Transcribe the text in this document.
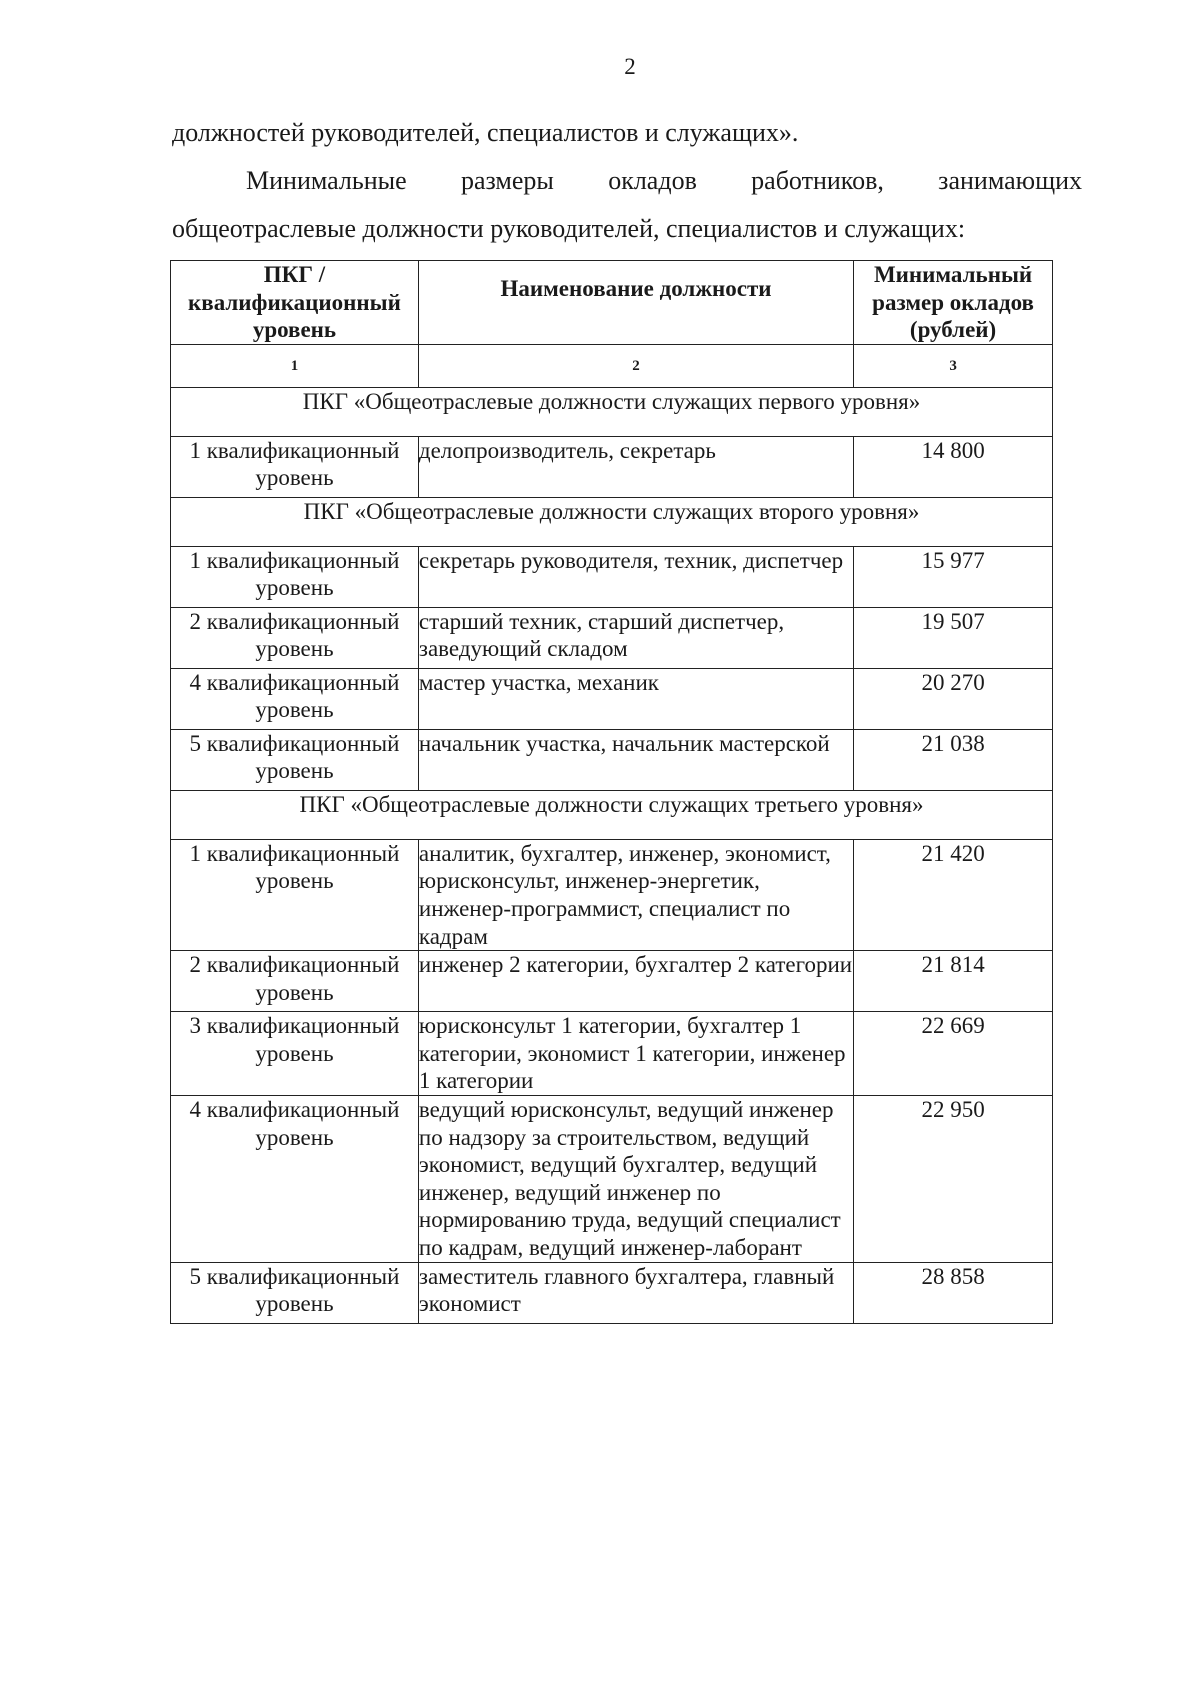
2
должностей руководителей, специалистов и служащих».
Минимальные размеры окладов работников, занимающих
общеотраслевые должности руководителей, специалистов и служащих:
ПКГ / квалификационный уровень	Наименование должности	Минимальный размер окладов (рублей)
1	2	3
ПКГ «Общеотраслевые должности служащих первого уровня»		
1 квалификационный уровень	делопроизводитель, секретарь	14 800
ПКГ «Общеотраслевые должности служащих второго уровня»		
1 квалификационный уровень	секретарь руководителя, техник, диспетчер	15 977
2 квалификационный уровень	старший техник, старший диспетчер, заведующий складом	19 507
4 квалификационный уровень	мастер участка, механик	20 270
5 квалификационный уровень	начальник участка, начальник мастерской	21 038
ПКГ «Общеотраслевые должности служащих третьего уровня»		
1 квалификационный уровень	аналитик, бухгалтер, инженер, экономист, юрисконсульт, инженер-энергетик, инженер-программист, специалист по кадрам	21 420
2 квалификационный уровень	инженер 2 категории, бухгалтер 2 категории	21 814
3 квалификационный уровень	юрисконсульт 1 категории, бухгалтер 1 категории, экономист 1 категории, инженер 1 категории	22 669
4 квалификационный уровень	ведущий юрисконсульт, ведущий инженер по надзору за строительством, ведущий экономист, ведущий бухгалтер, ведущий инженер, ведущий инженер по нормированию труда, ведущий специалист по кадрам, ведущий инженер-лаборант	22 950
5 квалификационный уровень	заместитель главного бухгалтера, главный экономист	28 858
